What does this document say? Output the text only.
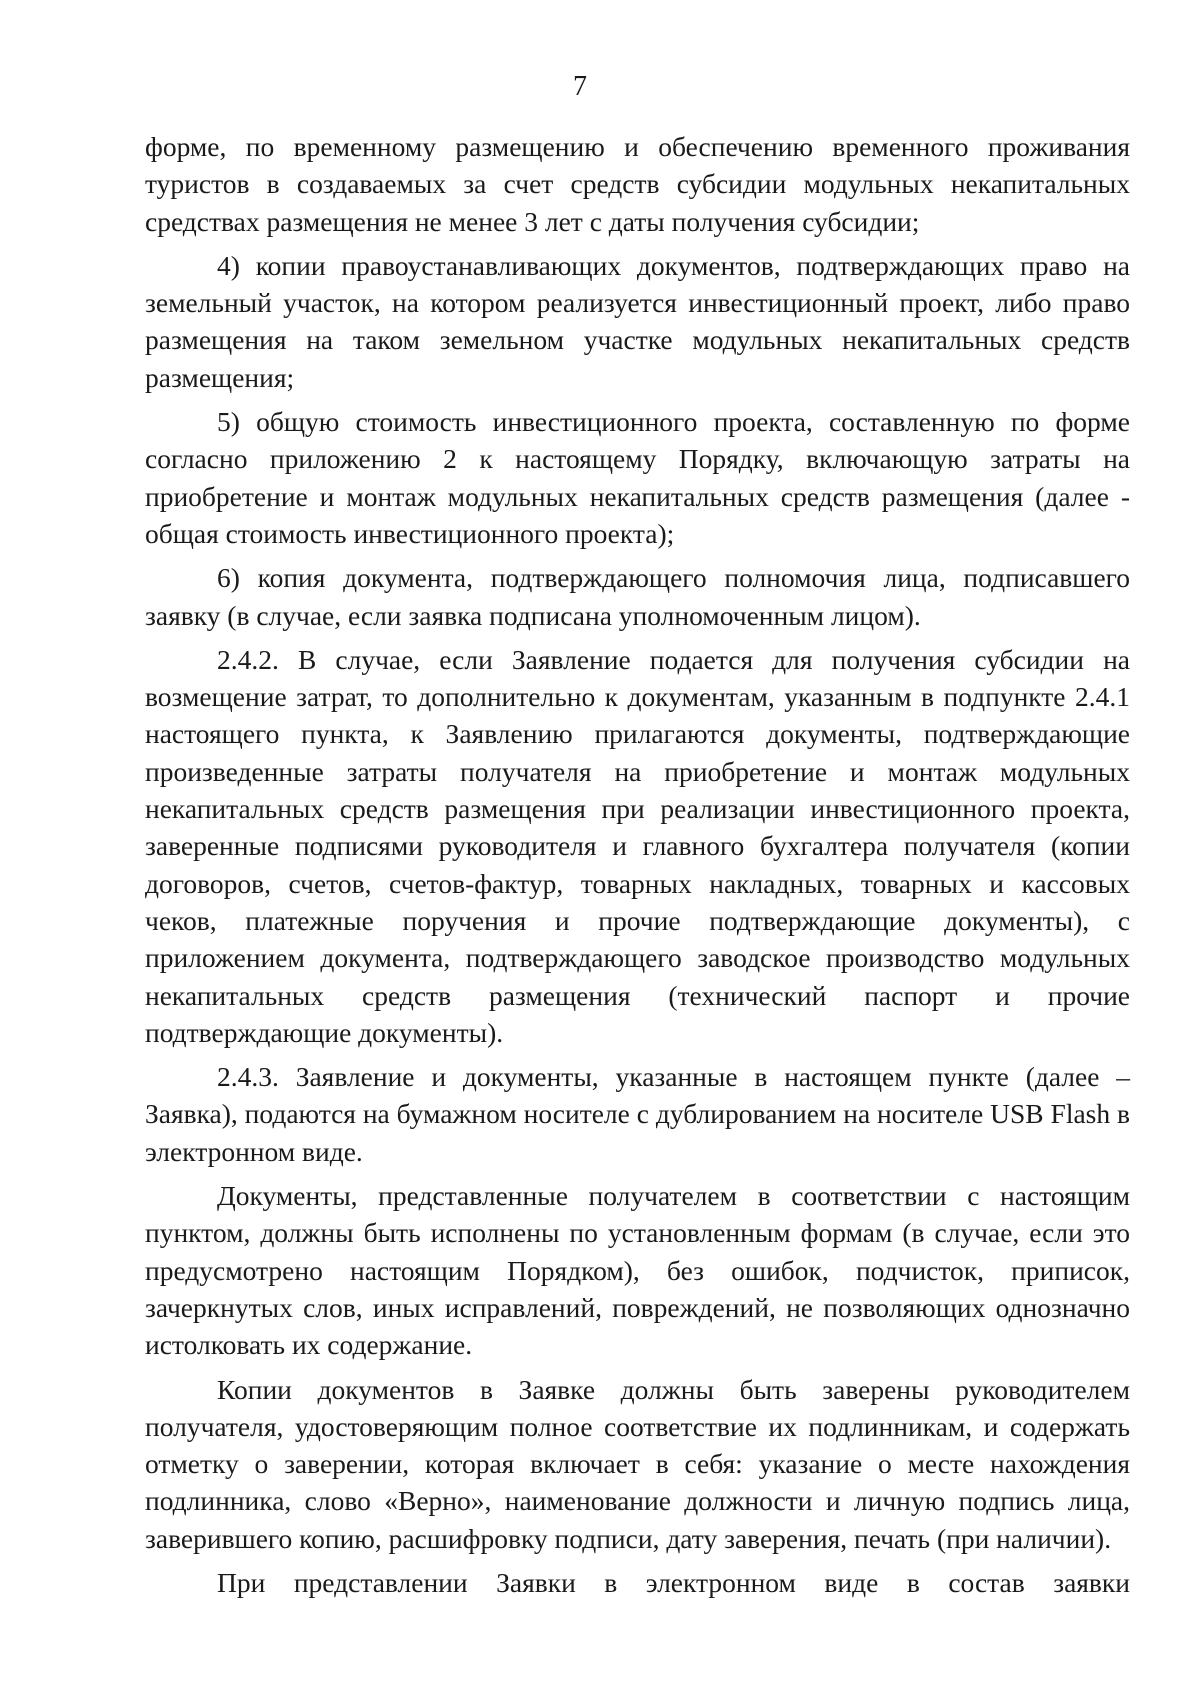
7

форме, по временному размещению и обеспечению временного проживания туристов в создаваемых за счет средств субсидии модульных некапитальных средствах размещения не менее 3 лет с даты получения субсидии;

4) копии правоустанавливающих документов, подтверждающих право на земельный участок, на котором реализуется инвестиционный проект, либо право размещения на таком земельном участке модульных некапитальных средств размещения;

5) общую стоимость инвестиционного проекта, составленную по форме согласно приложению 2 к настоящему Порядку, включающую затраты на приобретение и монтаж модульных некапитальных средств размещения (далее - общая стоимость инвестиционного проекта);

6) копия документа, подтверждающего полномочия лица, подписавшего заявку (в случае, если заявка подписана уполномоченным лицом).

2.4.2. В случае, если Заявление подается для получения субсидии на возмещение затрат, то дополнительно к документам, указанным в подпункте 2.4.1 настоящего пункта, к Заявлению прилагаются документы, подтверждающие произведенные затраты получателя на приобретение и монтаж модульных некапитальных средств размещения при реализации инвестиционного проекта, заверенные подписями руководителя и главного бухгалтера получателя (копии договоров, счетов, счетов-фактур, товарных накладных, товарных и кассовых чеков, платежные поручения и прочие подтверждающие документы), с приложением документа, подтверждающего заводское производство модульных некапитальных средств размещения (технический паспорт и прочие подтверждающие документы).

2.4.3. Заявление и документы, указанные в настоящем пункте (далее – Заявка), подаются на бумажном носителе с дублированием на носителе USB Flash в электронном виде.

Документы, представленные получателем в соответствии с настоящим пунктом, должны быть исполнены по установленным формам (в случае, если это предусмотрено настоящим Порядком), без ошибок, подчисток, приписок, зачеркнутых слов, иных исправлений, повреждений, не позволяющих однозначно истолковать их содержание.

Копии документов в Заявке должны быть заверены руководителем получателя, удостоверяющим полное соответствие их подлинникам, и содержать отметку о заверении, которая включает в себя: указание о месте нахождения подлинника, слово «Верно», наименование должности и личную подпись лица, заверившего копию, расшифровку подписи, дату заверения, печать (при наличии).

При представлении Заявки в электронном виде в состав заявки
